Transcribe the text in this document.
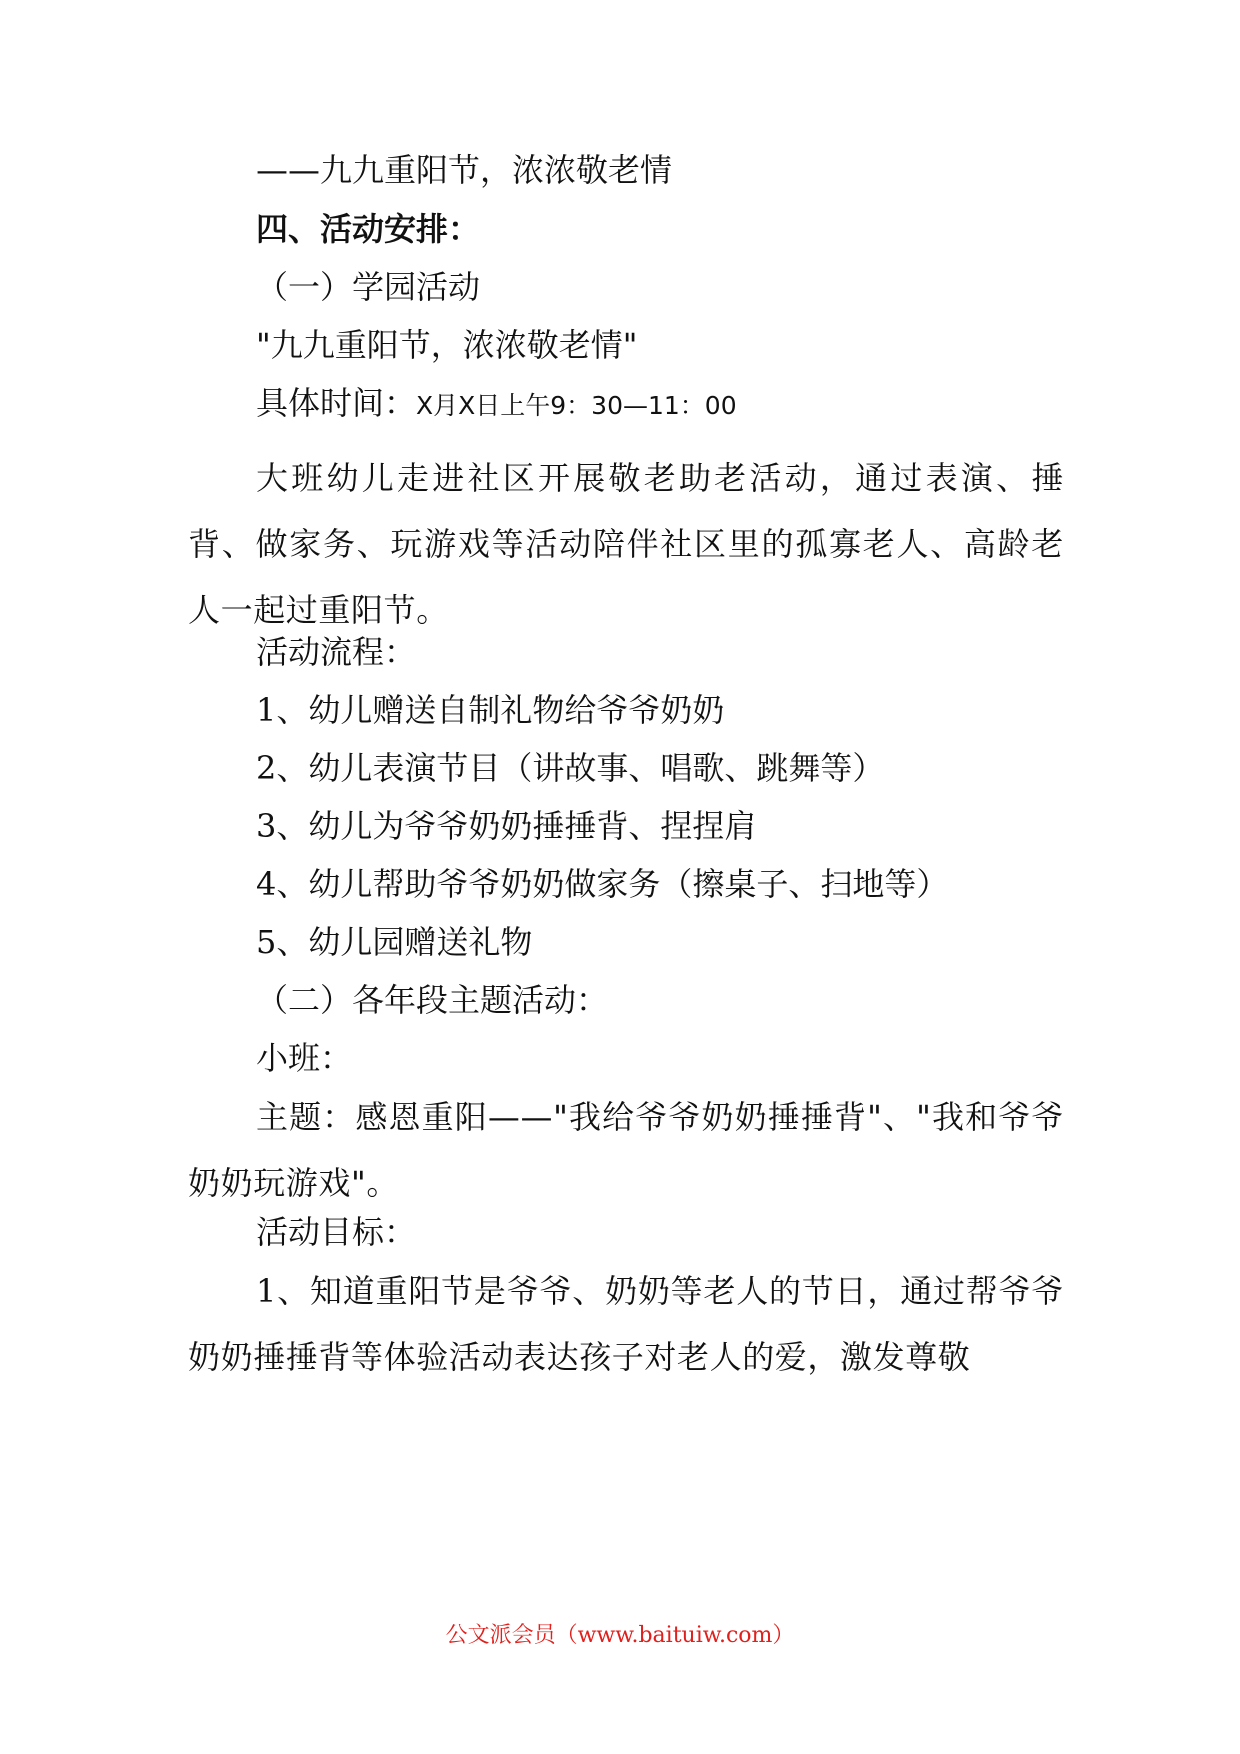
——九九重阳节，浓浓敬老情
四、活动安排：
（一）学园活动
"九九重阳节，浓浓敬老情"
具体时间：X月X日上午9：30—11：00
大班幼儿走进社区开展敬老助老活动，通过表演、捶背、做家务、玩游戏等活动陪伴社区里的孤寡老人、高龄老人一起过重阳节。
活动流程：
1、幼儿赠送自制礼物给爷爷奶奶
2、幼儿表演节目（讲故事、唱歌、跳舞等）
3、幼儿为爷爷奶奶捶捶背、捏捏肩
4、幼儿帮助爷爷奶奶做家务（擦桌子、扫地等）
5、幼儿园赠送礼物
（二）各年段主题活动：
小班：
主题：感恩重阳——"我给爷爷奶奶捶捶背"、"我和爷爷奶奶玩游戏"。
活动目标：
1、知道重阳节是爷爷、奶奶等老人的节日，通过帮爷爷奶奶捶捶背等体验活动表达孩子对老人的爱，激发尊敬
公文派会员（www.baituiw.com）
